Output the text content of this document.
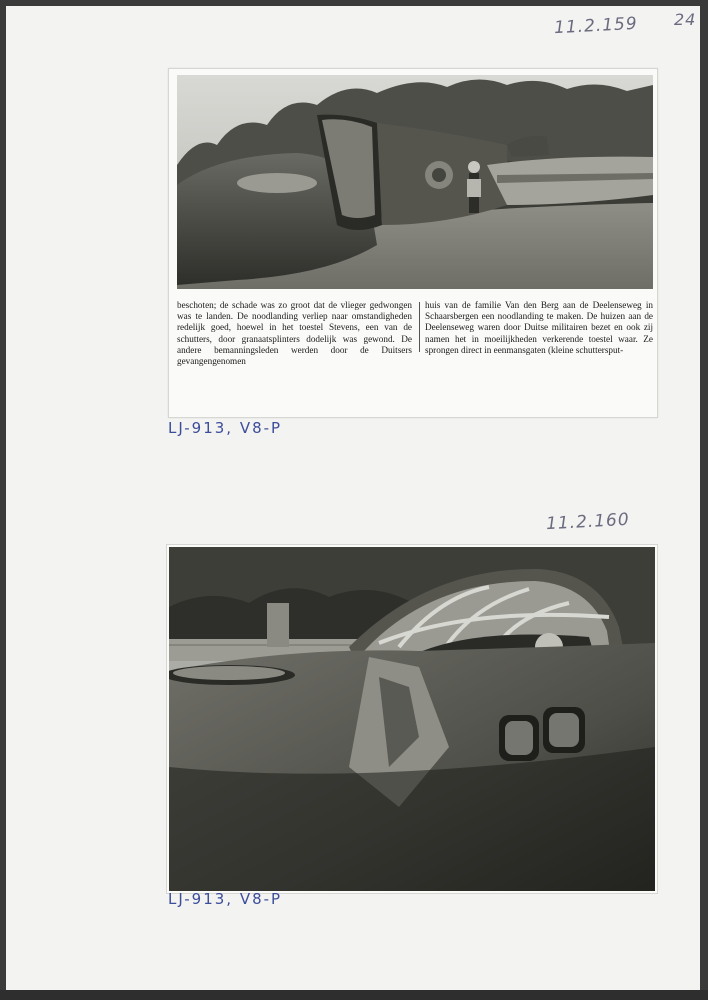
11.2.159 24
beschoten; de schade was zo groot dat de vlieger gedwongen was te landen. De noodlanding verliep naar omstandigheden redelijk goed, hoewel in het toestel Stevens, een van de schutters, door granaatsplinters dodelijk was gewond. De andere bemanningsleden werden door de Duitsers gevangengenomen
huis van de familie Van den Berg aan de Deelenseweg in Schaarsbergen een noodlanding te maken. De huizen aan de Deelenseweg waren door Duitse militairen bezet en ook zij namen het in moeilijkheden verkerende toestel waar. Ze sprongen direct in eenmansgaten (kleine schuttersput-
LJ-913, V8-P
11.2.160
LJ-913, V8-P
